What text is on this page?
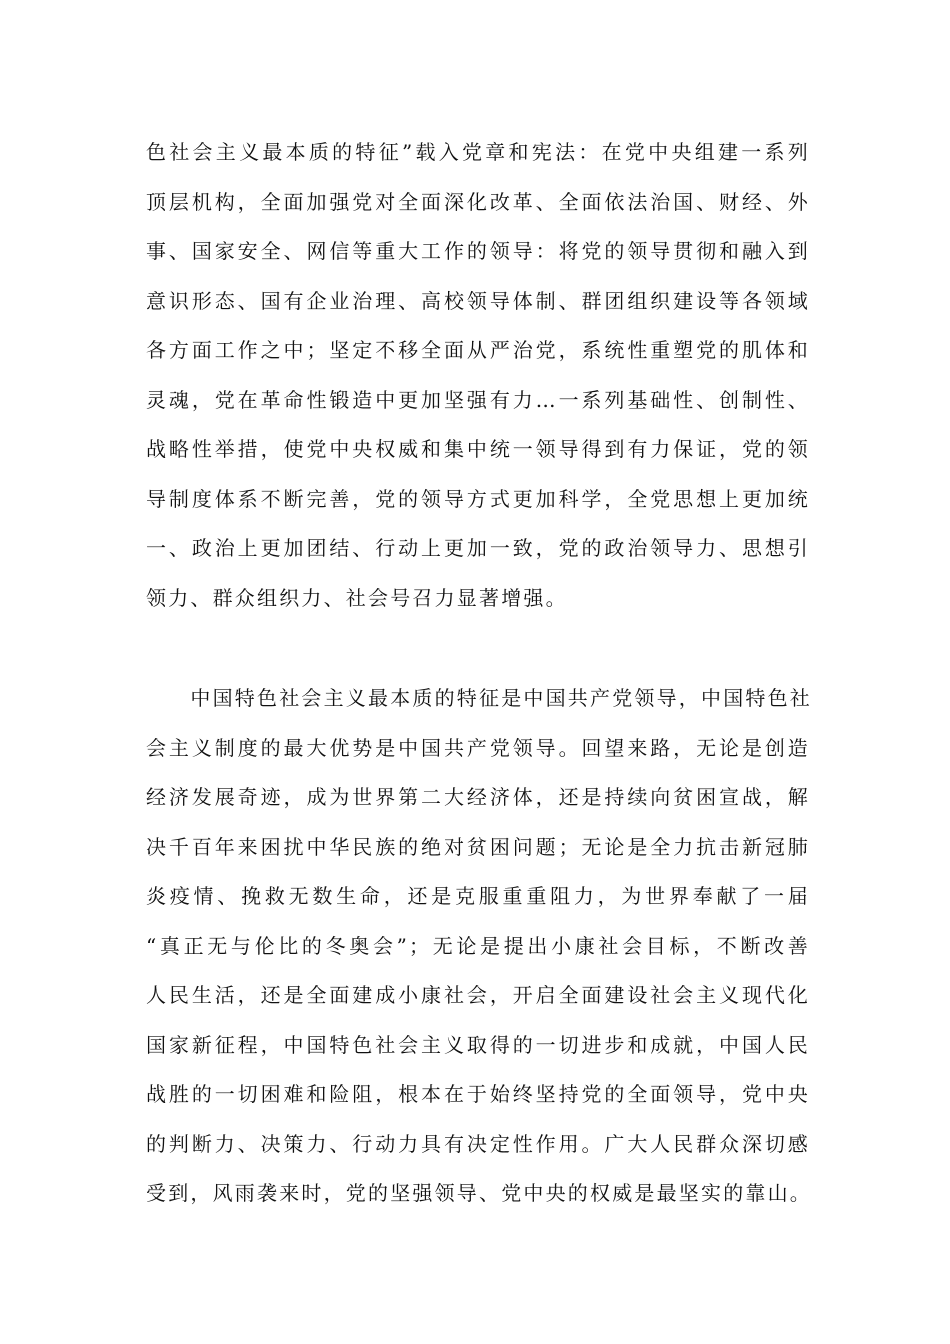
色社会主义最本质的特征”载入党章和宪法：在党中央组建一系列
顶层机构，全面加强党对全面深化改革、全面依法治国、财经、外
事、国家安全、网信等重大工作的领导：将党的领导贯彻和融入到
意识形态、国有企业治理、高校领导体制、群团组织建设等各领域
各方面工作之中；坚定不移全面从严治党，系统性重塑党的肌体和
灵魂，党在革命性锻造中更加坚强有力…一系列基础性、创制性、
战略性举措，使党中央权威和集中统一领导得到有力保证，党的领
导制度体系不断完善，党的领导方式更加科学，全党思想上更加统
一、政治上更加团结、行动上更加一致，党的政治领导力、思想引
领力、群众组织力、社会号召力显著增强。
　　中国特色社会主义最本质的特征是中国共产党领导，中国特色社
会主义制度的最大优势是中国共产党领导。回望来路，无论是创造
经济发展奇迹，成为世界第二大经济体，还是持续向贫困宣战，解
决千百年来困扰中华民族的绝对贫困问题；无论是全力抗击新冠肺
炎疫情、挽救无数生命，还是克服重重阻力，为世界奉献了一届
“真正无与伦比的冬奥会”；无论是提出小康社会目标，不断改善
人民生活，还是全面建成小康社会，开启全面建设社会主义现代化
国家新征程，中国特色社会主义取得的一切进步和成就，中国人民
战胜的一切困难和险阻，根本在于始终坚持党的全面领导，党中央
的判断力、决策力、行动力具有决定性作用。广大人民群众深切感
受到，风雨袭来时，党的坚强领导、党中央的权威是最坚实的靠山。
